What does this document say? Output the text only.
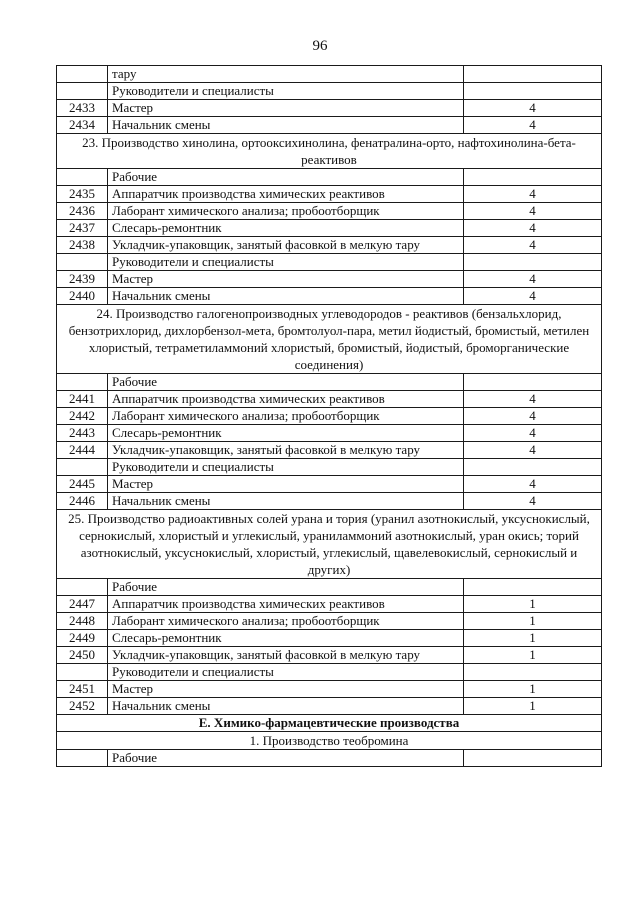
96
	тару	
	Руководители и специалисты	
2433	Мастер	4
2434	Начальник смены	4
23. Производство хинолина, ортооксихинолина, фенатралина-орто, нафтохинолина-бета-реактивов		
	Рабочие	
2435	Аппаратчик производства химических реактивов	4
2436	Лаборант химического анализа; пробоотборщик	4
2437	Слесарь-ремонтник	4
2438	Укладчик-упаковщик, занятый фасовкой в мелкую тару	4
	Руководители и специалисты	
2439	Мастер	4
2440	Начальник смены	4
24. Производство галогенопроизводных углеводородов - реактивов (бензальхлорид, бензотрихлорид, дихлорбензол-мета, бромтолуол-пара, метил йодистый, бромистый, метилен хлористый, тетраметиламмоний хлористый, бромистый, йодистый, броморганические соединения)		
	Рабочие	
2441	Аппаратчик производства химических реактивов	4
2442	Лаборант химического анализа; пробоотборщик	4
2443	Слесарь-ремонтник	4
2444	Укладчик-упаковщик, занятый фасовкой в мелкую тару	4
	Руководители и специалисты	
2445	Мастер	4
2446	Начальник смены	4
25. Производство радиоактивных солей урана и тория (уранил азотнокислый, уксуснокислый, сернокислый, хлористый и углекислый, ураниламмоний азотнокислый, уран окись; торий азотнокислый, уксуснокислый, хлористый, углекислый, щавелевокислый, сернокислый и других)		
	Рабочие	
2447	Аппаратчик производства химических реактивов	1
2448	Лаборант химического анализа; пробоотборщик	1
2449	Слесарь-ремонтник	1
2450	Укладчик-упаковщик, занятый фасовкой в мелкую тару	1
	Руководители и специалисты	
2451	Мастер	1
2452	Начальник смены	1
Е. Химико-фармацевтические производства		
1. Производство теобромина		
	Рабочие	
